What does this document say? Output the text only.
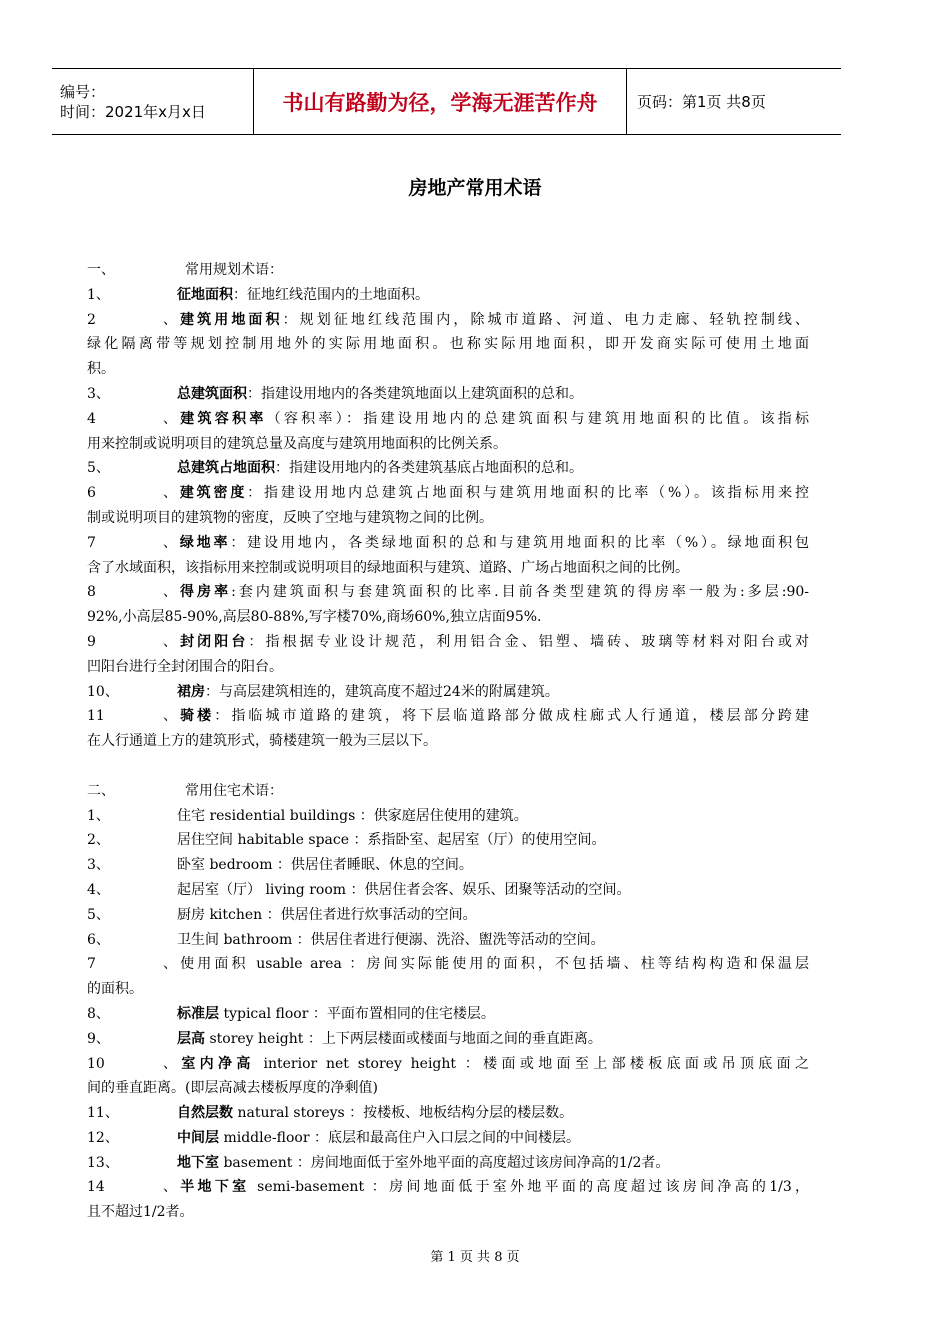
编号：
时间：2021年x月x日	书山有路勤为径，学海无涯苦作舟	页码：第1页 共8页
房地产常用术语
一、	常用规划术语：
1、	征地面积：征地红线范围内的土地面积。
2、建筑用地面积：规划征地红线范围内，除城市道路、河道、电力走廊、轻轨控制线、
绿化隔离带等规划控制用地外的实际用地面积。也称实际用地面积，即开发商实际可使用土地面
积。
3、	总建筑面积：指建设用地内的各类建筑地面以上建筑面积的总和。
4、建筑容积率（容积率）：指建设用地内的总建筑面积与建筑用地面积的比值。该指标
用来控制或说明项目的建筑总量及高度与建筑用地面积的比例关系。
5、	总建筑占地面积：指建设用地内的各类建筑基底占地面积的总和。
6、建筑密度：指建设用地内总建筑占地面积与建筑用地面积的比率（%）。该指标用来控
制或说明项目的建筑物的密度，反映了空地与建筑物之间的比例。
7、绿地率：建设用地内，各类绿地面积的总和与建筑用地面积的比率（%）。绿地面积包
含了水域面积，该指标用来控制或说明项目的绿地面积与建筑、道路、广场占地面积之间的比例。
8、得房率:套内建筑面积与套建筑面积的比率.目前各类型建筑的得房率一般为:多层:90-
92%,小高层85-90%,高层80-88%,写字楼70%,商场60%,独立店面95%.
9、封闭阳台：指根据专业设计规范，利用铝合金、铝塑、墙砖、玻璃等材料对阳台或对
凹阳台进行全封闭围合的阳台。
10、	裙房：与高层建筑相连的，建筑高度不超过24米的附属建筑。
11、骑楼：指临城市道路的建筑，将下层临道路部分做成柱廊式人行通道，楼层部分跨建
在人行通道上方的建筑形式，骑楼建筑一般为三层以下。
二、	常用住宅术语：
1、	住宅 residential buildings ：供家庭居住使用的建筑。
2、	居住空间 habitable space ：系指卧室、起居室（厅）的使用空间。
3、	卧室 bedroom ：供居住者睡眠、休息的空间。
4、	起居室（厅） living room ：供居住者会客、娱乐、团聚等活动的空间。
5、	厨房 kitchen ：供居住者进行炊事活动的空间。
6、	卫生间 bathroom ：供居住者进行便溺、洗浴、盥洗等活动的空间。
7、使用面积 usable area ：房间实际能使用的面积，不包括墙、柱等结构构造和保温层
的面积。
8、	标准层 typical floor ：平面布置相同的住宅楼层。
9、	层高 storey height ：上下两层楼面或楼面与地面之间的垂直距离。
10、室内净高 interior net storey height ：楼面或地面至上部楼板底面或吊顶底面之
间的垂直距离。(即层高减去楼板厚度的净剩值)
11、	自然层数 natural storeys ：按楼板、地板结构分层的楼层数。
12、	中间层 middle-floor ：底层和最高住户入口层之间的中间楼层。
13、	地下室 basement ：房间地面低于室外地平面的高度超过该房间净高的1/2者。
14、半地下室 semi-basement ：房间地面低于室外地平面的高度超过该房间净高的1/3，
且不超过1/2者。
第 1 页 共 8 页
